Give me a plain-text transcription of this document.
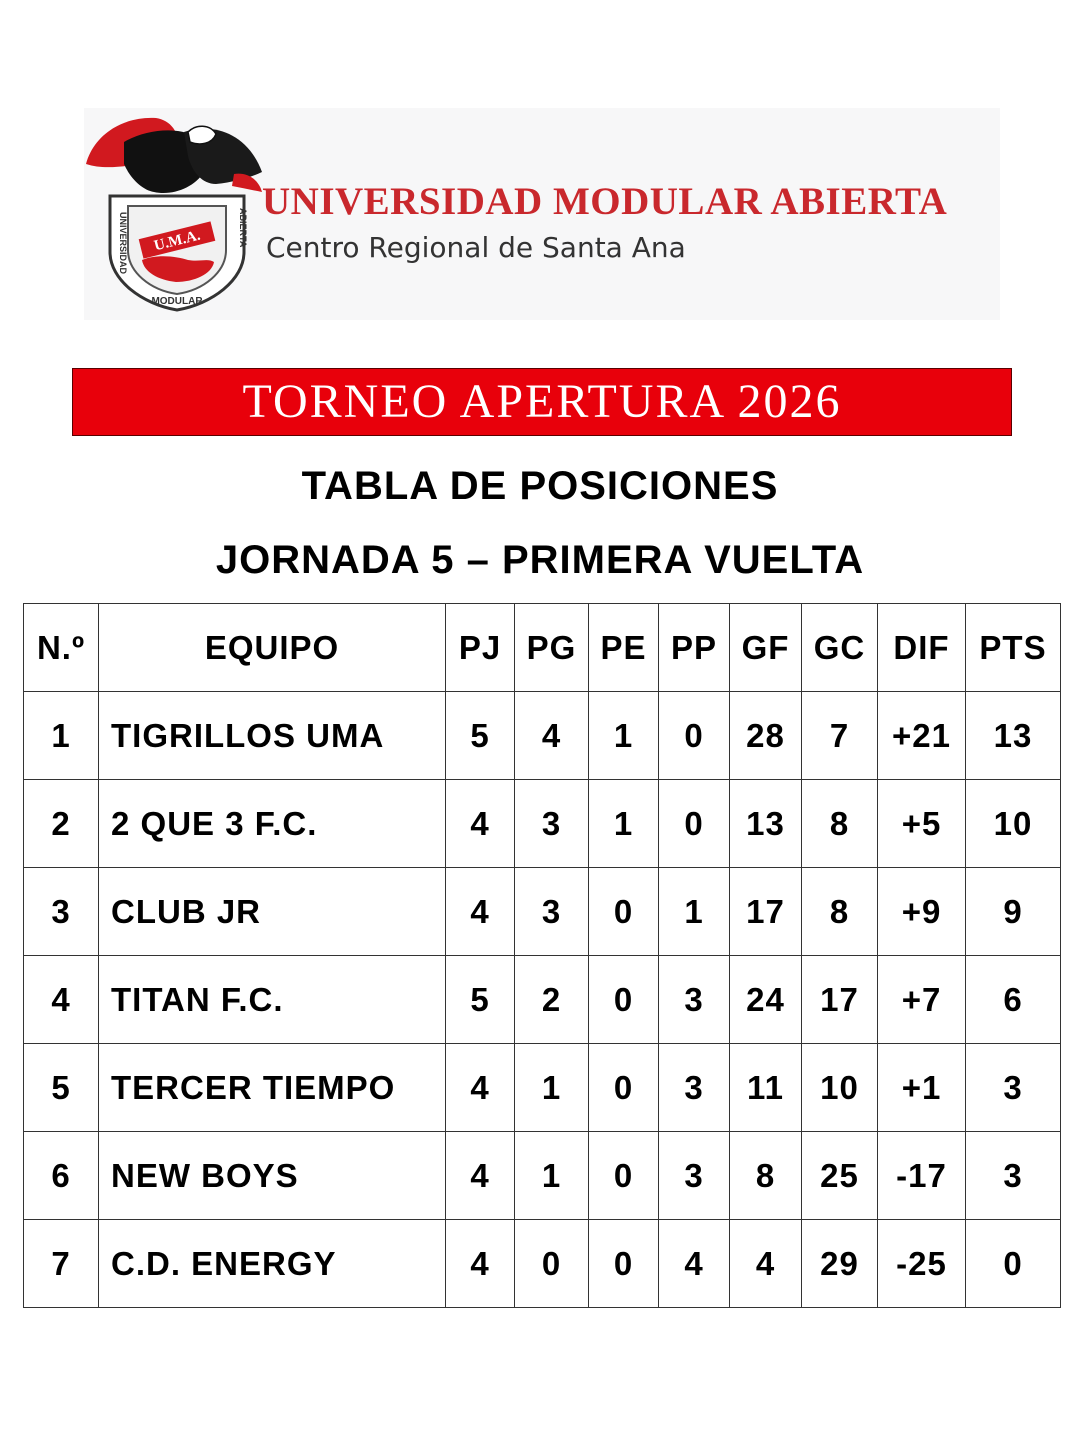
U.M.A.
UNIVERSIDAD	ABIERTA
MODULAR
UNIVERSIDAD MODULAR ABIERTA
Centro Regional de Santa Ana
TORNEO APERTURA 2026
TABLA DE POSICIONES
JORNADA 5 – PRIMERA VUELTA
N.º	EQUIPO	PJ	PG	PE	PP	GF	GC	DIF	PTS
1	TIGRILLOS UMA	5	4	1	0	28	7	+21	13
2	2 QUE 3 F.C.	4	3	1	0	13	8	+5	10
3	CLUB JR	4	3	0	1	17	8	+9	9
4	TITAN F.C.	5	2	0	3	24	17	+7	6
5	TERCER TIEMPO	4	1	0	3	11	10	+1	3
6	NEW BOYS	4	1	0	3	8	25	-17	3
7	C.D. ENERGY	4	0	0	4	4	29	-25	0
